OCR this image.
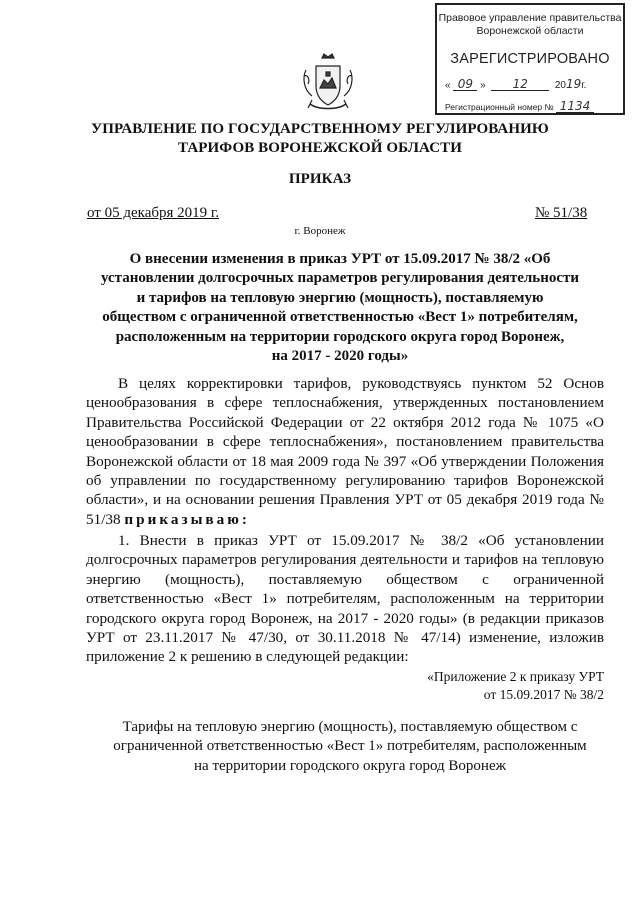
Правовое управление правительства
Воронежской области
ЗАРЕГИСТРИРОВАНО
« 09 »  12	2019г.
Регистрационный номер № 1134
УПРАВЛЕНИЕ ПО ГОСУДАРСТВЕННОМУ РЕГУЛИРОВАНИЮ
ТАРИФОВ ВОРОНЕЖСКОЙ ОБЛАСТИ
ПРИКАЗ
от 05 декабря 2019 г.	№ 51/38
г. Воронеж
О внесении изменения в приказ УРТ от 15.09.2017 № 38/2 «Об
установлении долгосрочных параметров регулирования деятельности
и тарифов на тепловую энергию (мощность), поставляемую
обществом с ограниченной ответственностью «Вест 1» потребителям,
расположенным на территории городского округа город Воронеж,
на 2017 - 2020 годы»
В целях корректировки тарифов, руководствуясь пунктом 52 Основ ценообразования в сфере теплоснабжения, утвержденных постановлением Правительства Российской Федерации от 22 октября 2012 года № 1075 «О ценообразовании в сфере теплоснабжения», постановлением правительства Воронежской области от 18 мая 2009 года № 397 «Об утверждении Положения об управлении по государственному регулированию тарифов Воронежской области», и на основании решения Правления УРТ от 05 декабря 2019 года № 51/38 приказываю:
1. Внести в приказ УРТ от 15.09.2017 № 38/2 «Об установлении долгосрочных параметров регулирования деятельности и тарифов на тепловую энергию (мощность), поставляемую обществом с ограниченной ответственностью «Вест 1» потребителям, расположенным на территории городского округа город Воронеж, на 2017 - 2020 годы» (в редакции приказов УРТ от 23.11.2017 № 47/30, от 30.11.2018 № 47/14) изменение, изложив приложение 2 к решению в следующей редакции:
«Приложение 2 к приказу УРТ
от 15.09.2017 № 38/2
Тарифы на тепловую энергию (мощность), поставляемую обществом с
ограниченной ответственностью «Вест 1» потребителям, расположенным
на территории городского округа город Воронеж
